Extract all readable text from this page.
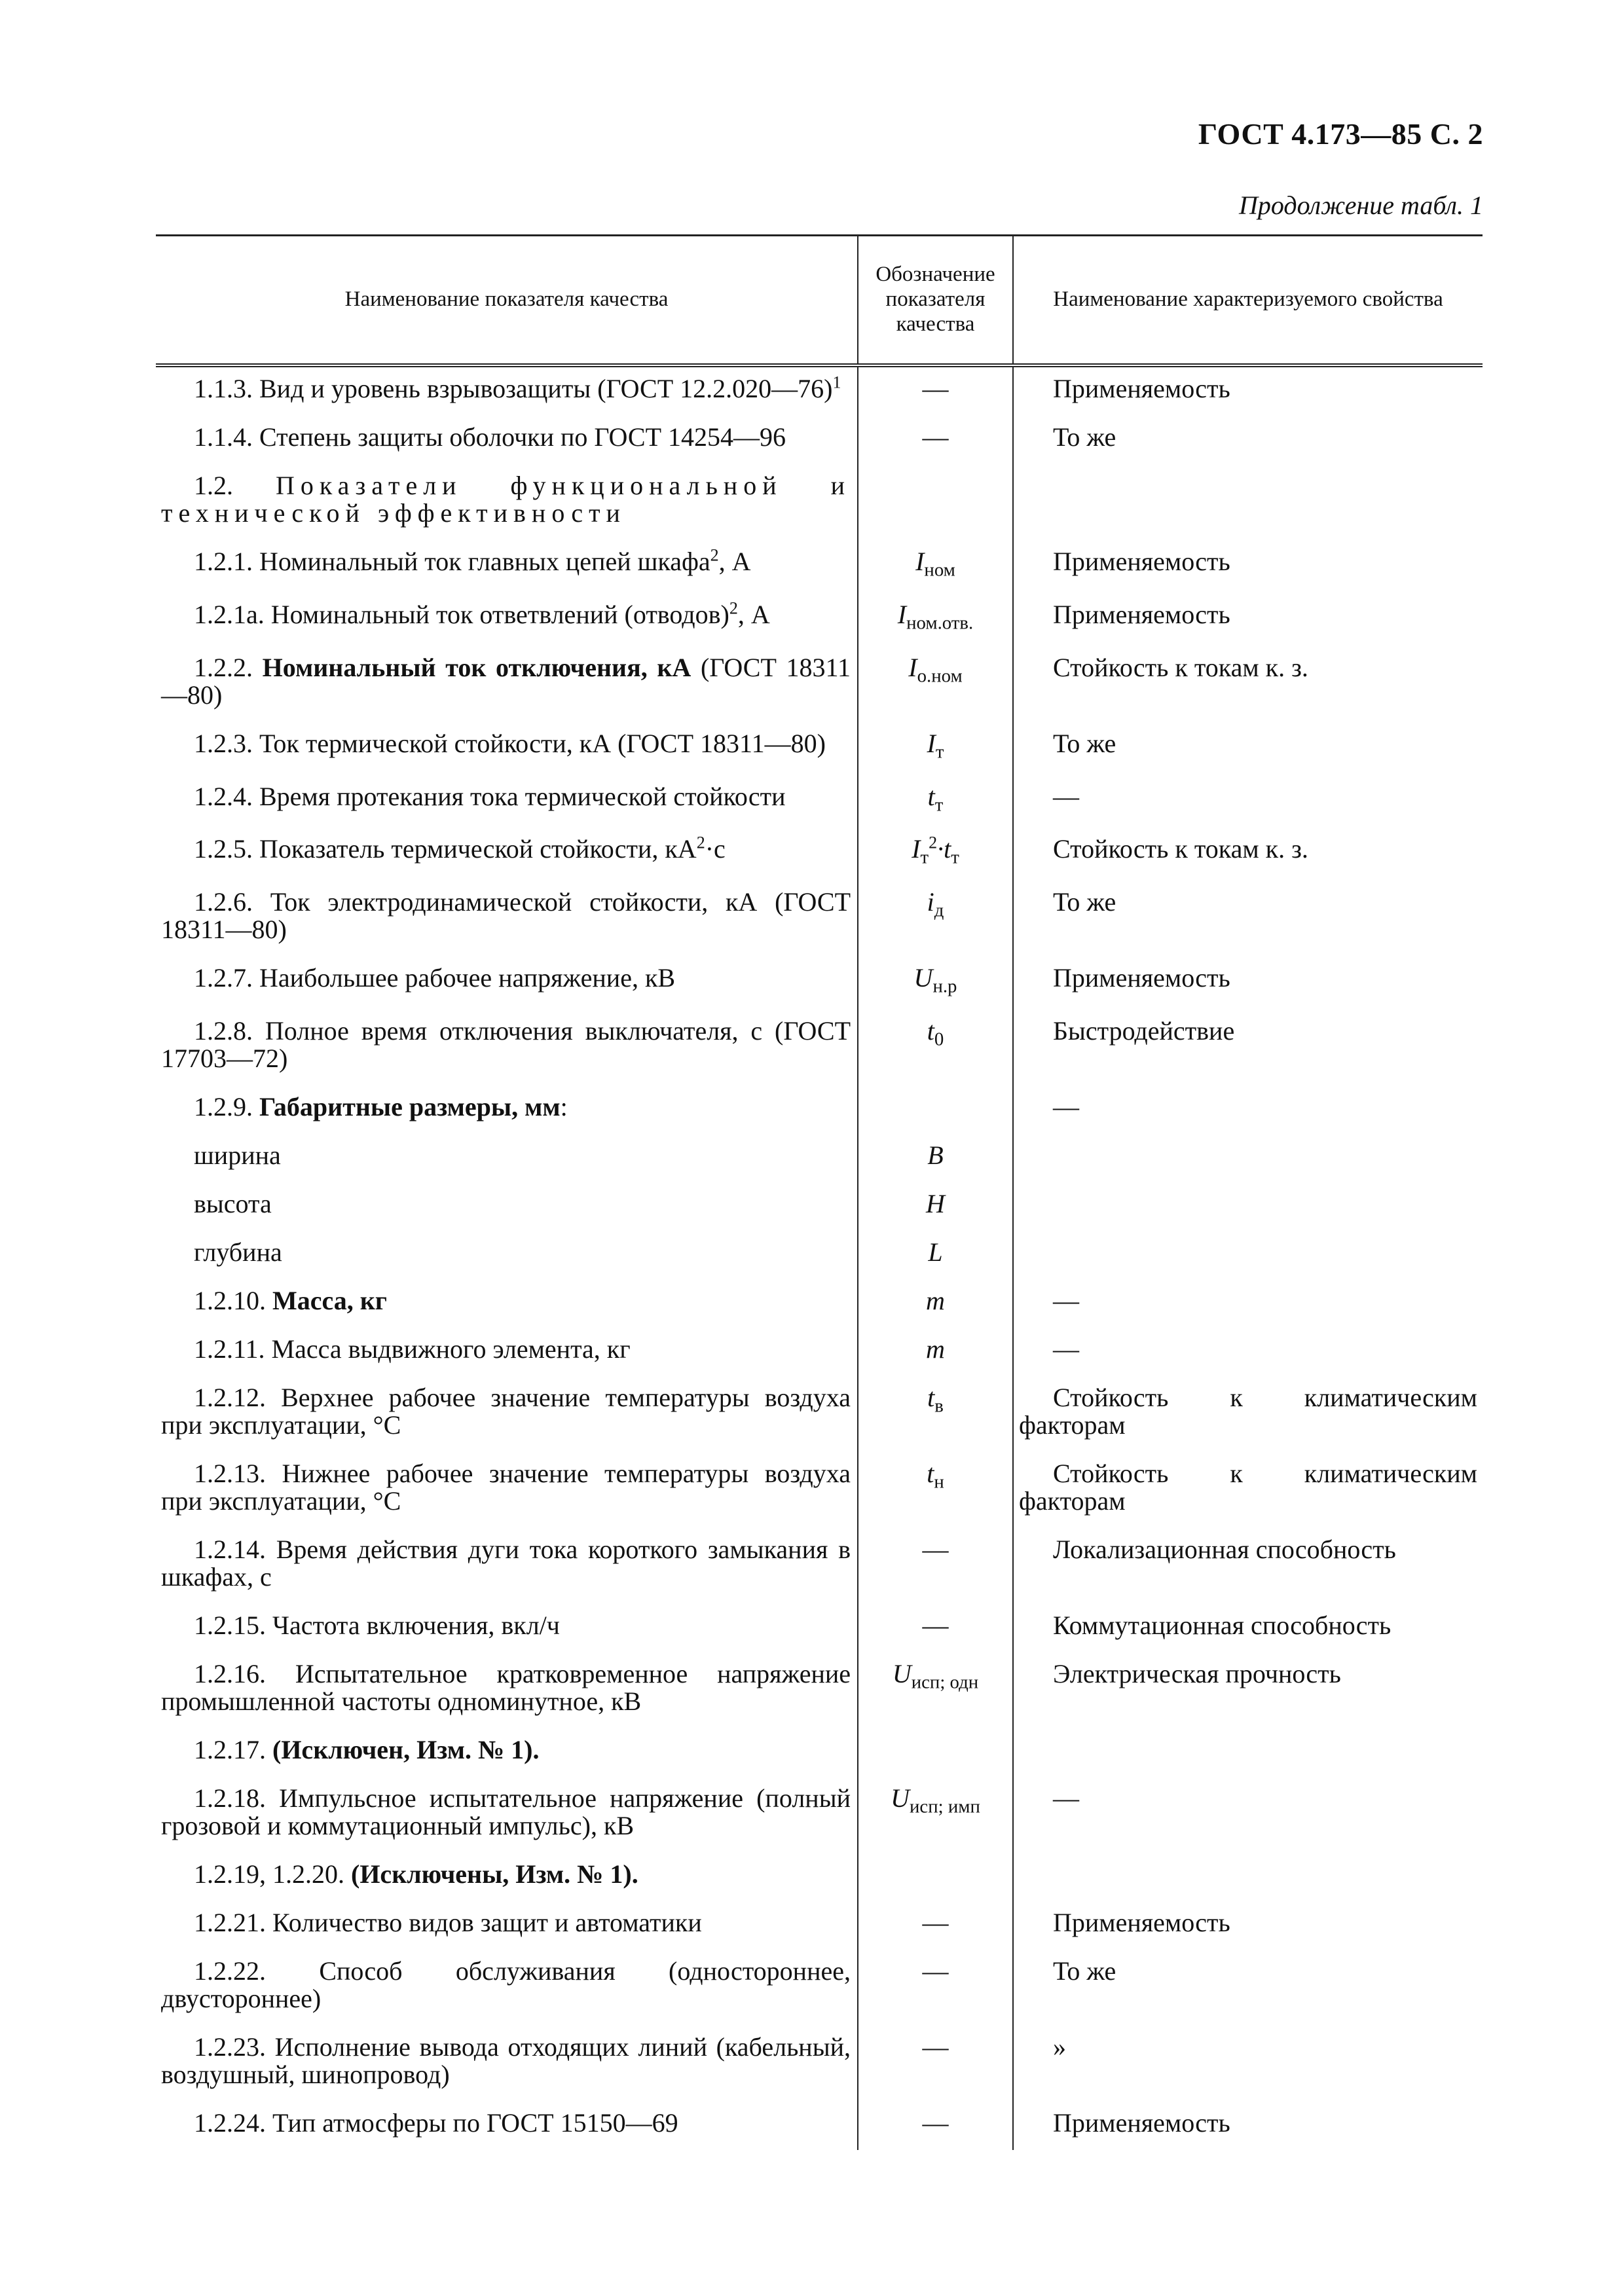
ГОСТ 4.173—85 С. 2
Продолжение табл. 1
Наименование показателя качества	Обозначение показателя качества	Наименование характеризуемого свойства
1.1.3. Вид и уровень взрывозащиты (ГОСТ 12.2.020—76)$^1$	—	Применяемость
1.1.4. Степень защиты оболочки по ГОСТ 14254—96	—	То же
1.2. Показатели функциональной и технической эффективности		
1.2.1. Номинальный ток главных цепей шкафа$^2$, А	$I_{ном}$	Применяемость
1.2.1а. Номинальный ток ответвлений (отводов)$^2$, А	$I_{ном.отв.}$	Применяемость
1.2.2. Номинальный ток отключения, кА (ГОСТ 18311—80)	$I_{о.ном}$	Стойкость к токам к. з.
1.2.3. Ток термической стойкости, кА (ГОСТ 18311—80)	$I_т$	То же
1.2.4. Время протекания тока термической стойкости	$t_т$	—
1.2.5. Показатель термической стойкости, $кА^2\cdot с$	$I_т^2\cdot t_т$	Стойкость к токам к. з.
1.2.6. Ток электродинамической стойкости, кА (ГОСТ 18311—80)	$i_д$	То же
1.2.7. Наибольшее рабочее напряжение, кВ	$U_{н.р}$	Применяемость
1.2.8. Полное время отключения выключателя, с (ГОСТ 17703—72)	$t_0$	Быстродействие
1.2.9. Габаритные размеры, мм:		—
ширина	B	
высота	H	
глубина	L	
1.2.10. Масса, кг	m	—
1.2.11. Масса выдвижного элемента, кг	m	—
1.2.12. Верхнее рабочее значение температуры воздуха при эксплуатации, °С	$t_в$	Стойкость к климатическим факторам
1.2.13. Нижнее рабочее значение температуры воздуха при эксплуатации, °С	$t_н$	Стойкость к климатическим факторам
1.2.14. Время действия дуги тока короткого замыкания в шкафах, с	—	Локализационная способность
1.2.15. Частота включения, вкл/ч	—	Коммутационная способность
1.2.16. Испытательное кратковременное напряжение промышленной частоты одноминутное, кВ	$U_{исп; одн}$	Электрическая прочность
1.2.17. (Исключен, Изм. № 1).		
1.2.18. Импульсное испытательное напряжение (полный грозовой и коммутационный импульс), кВ	$U_{исп; имп}$	—
1.2.19, 1.2.20. (Исключены, Изм. № 1).		
1.2.21. Количество видов защит и автоматики	—	Применяемость
1.2.22. Способ обслуживания (одностороннее, двустороннее)	—	То же
1.2.23. Исполнение вывода отходящих линий (кабельный, воздушный, шинопровод)	—	»
1.2.24. Тип атмосферы по ГОСТ 15150—69	—	Применяемость
